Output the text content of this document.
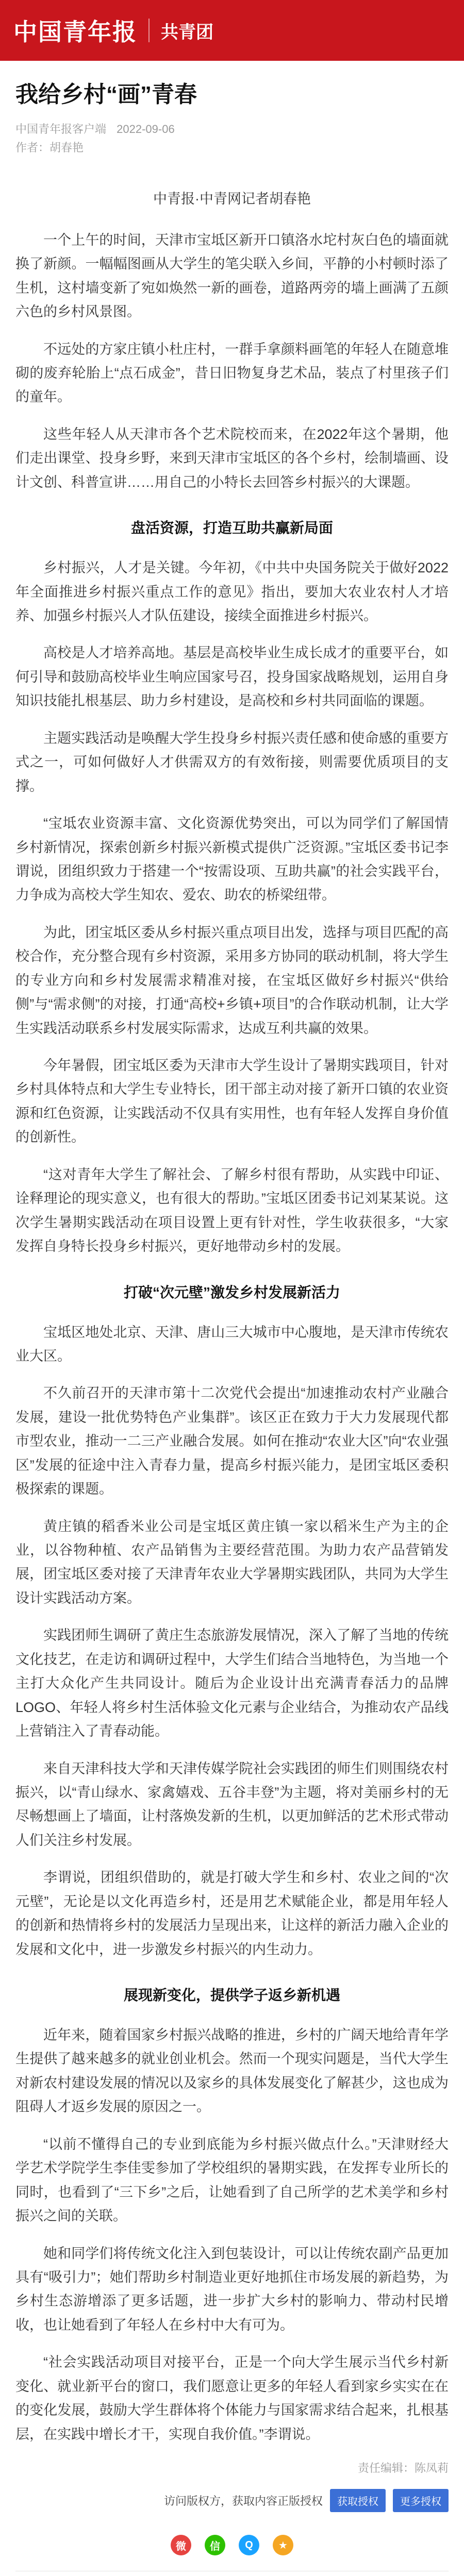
中国青年报 共青团
我给乡村“画”青春
中国青年报客户端 2022-09-06
作者：胡春艳
中青报·中青网记者胡春艳

一个上午的时间，天津市宝坻区新开口镇洛水坨村灰白色的墙面就换了新颜。一幅幅图画从大学生的笔尖联入乡间，平静的小村顿时添了生机，这村墙变新了宛如焕然一新的画卷，道路两旁的墙上画满了五颜六色的乡村风景图。

不远处的方家庄镇小杜庄村，一群手拿颜料画笔的年轻人在随意堆砌的废弃轮胎上“点石成金”，昔日旧物复身艺术品，装点了村里孩子们的童年。

这些年轻人从天津市各个艺术院校而来，在2022年这个暑期，他们走出课堂、投身乡野，来到天津市宝坻区的各个乡村，绘制墙画、设计文创、科普宣讲……用自己的小特长去回答乡村振兴的大课题。

盘活资源，打造互助共赢新局面

乡村振兴，人才是关键。今年初，《中共中央国务院关于做好2022年全面推进乡村振兴重点工作的意见》指出，要加大农业农村人才培养、加强乡村振兴人才队伍建设，接续全面推进乡村振兴。

高校是人才培养高地。基层是高校毕业生成长成才的重要平台，如何引导和鼓励高校毕业生响应国家号召，投身国家战略规划，运用自身知识技能扎根基层、助力乡村建设，是高校和乡村共同面临的课题。

主题实践活动是唤醒大学生投身乡村振兴责任感和使命感的重要方式之一，可如何做好人才供需双方的有效衔接，则需要优质项目的支撑。

“宝坻农业资源丰富、文化资源优势突出，可以为同学们了解国情乡村新情况，探索创新乡村振兴新模式提供广泛资源。”宝坻区委书记李谓说，团组织致力于搭建一个“按需设项、互助共赢”的社会实践平台，力争成为高校大学生知农、爱农、助农的桥梁纽带。

为此，团宝坻区委从乡村振兴重点项目出发，选择与项目匹配的高校合作，充分整合现有乡村资源，采用多方协同的联动机制，将大学生的专业方向和乡村发展需求精准对接，在宝坻区做好乡村振兴“供给侧”与“需求侧”的对接，打通“高校+乡镇+项目”的合作联动机制，让大学生实践活动联系乡村发展实际需求，达成互利共赢的效果。

今年暑假，团宝坻区委为天津市大学生设计了暑期实践项目，针对乡村具体特点和大学生专业特长，团干部主动对接了新开口镇的农业资源和红色资源，让实践活动不仅具有实用性，也有年轻人发挥自身价值的创新性。

“这对青年大学生了解社会、了解乡村很有帮助，从实践中印证、诠释理论的现实意义，也有很大的帮助。”宝坻区团委书记刘某某说。这次学生暑期实践活动在项目设置上更有针对性，学生收获很多，“大家发挥自身特长投身乡村振兴，更好地带动乡村的发展。

打破“次元壁”激发乡村发展新活力

宝坻区地处北京、天津、唐山三大城市中心腹地，是天津市传统农业大区。

不久前召开的天津市第十二次党代会提出“加速推动农村产业融合发展，建设一批优势特色产业集群”。该区正在致力于大力发展现代都市型农业，推动一二三产业融合发展。如何在推动“农业大区”向“农业强区”发展的征途中注入青春力量，提高乡村振兴能力，是团宝坻区委积极探索的课题。

黄庄镇的稻香米业公司是宝坻区黄庄镇一家以稻米生产为主的企业，以谷物种植、农产品销售为主要经营范围。为助力农产品营销发展，团宝坻区委对接了天津青年农业大学暑期实践团队，共同为大学生设计实践活动方案。

实践团师生调研了黄庄生态旅游发展情况，深入了解了当地的传统文化技艺，在走访和调研过程中，大学生们结合当地特色，为当地一个主打大众化产生共同设计。随后为企业设计出充满青春活力的品牌LOGO、年轻人将乡村生活体验文化元素与企业结合，为推动农产品线上营销注入了青春动能。

来自天津科技大学和天津传媒学院社会实践团的师生们则围绕农村振兴，以“青山绿水、家禽嬉戏、五谷丰登”为主题，将对美丽乡村的无尽畅想画上了墙面，让村落焕发新的生机，以更加鲜活的艺术形式带动人们关注乡村发展。

李谓说，团组织借助的，就是打破大学生和乡村、农业之间的“次元壁”，无论是以文化再造乡村，还是用艺术赋能企业，都是用年轻人的创新和热情将乡村的发展活力呈现出来，让这样的新活力融入企业的发展和文化中，进一步激发乡村振兴的内生动力。

展现新变化，提供学子返乡新机遇

近年来，随着国家乡村振兴战略的推进，乡村的广阔天地给青年学生提供了越来越多的就业创业机会。然而一个现实问题是，当代大学生对新农村建设发展的情况以及家乡的具体发展变化了解甚少，这也成为阻碍人才返乡发展的原因之一。

“以前不懂得自己的专业到底能为乡村振兴做点什么。”天津财经大学艺术学院学生李佳雯参加了学校组织的暑期实践，在发挥专业所长的同时，也看到了“三下乡”之后，让她看到了自己所学的艺术美学和乡村振兴之间的关联。

她和同学们将传统文化注入到包装设计，可以让传统农副产品更加具有“吸引力”；她们帮助乡村制造业更好地抓住市场发展的新趋势，为乡村生态游增添了更多话题，进一步扩大乡村的影响力、带动村民增收，也让她看到了年轻人在乡村中大有可为。

“社会实践活动项目对接平台，正是一个向大学生展示当代乡村新变化、就业新平台的窗口，我们愿意让更多的年轻人看到家乡实实在在的变化发展，鼓励大学生群体将个体能力与国家需求结合起来，扎根基层，在实践中增长才干，实现自我价值。”李谓说。

责任编辑：陈凤莉
访问版权方，获取内容正版授权	获取授权	更多授权
微	信	Q	★
